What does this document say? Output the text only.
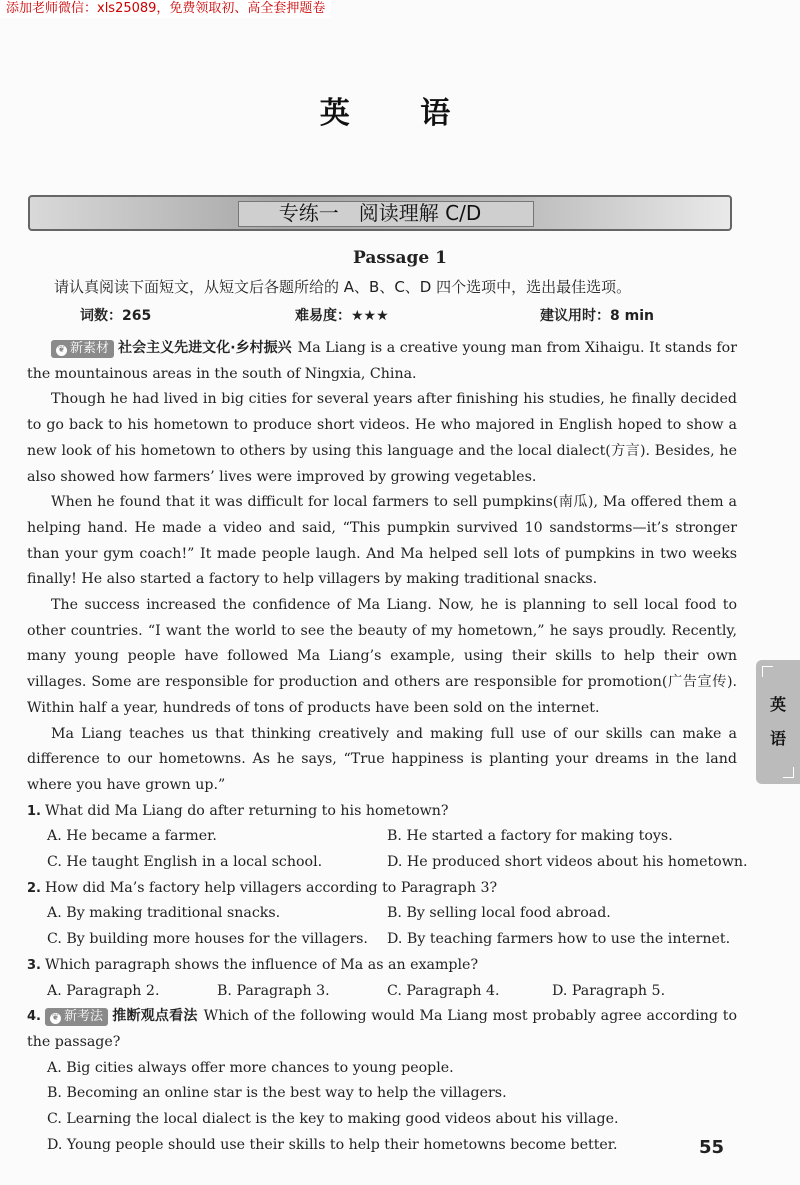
添加老师微信：xls25089，免费领取初、高全套押题卷
英 语
专练一　阅读理解 C/D
Passage 1
请认真阅读下面短文，从短文后各题所给的 A、B、C、D 四个选项中，选出最佳选项。
词数：265	难易度：★★★	建议用时：8 min

❦ 新素材 社会主义先进文化·乡村振兴 Ma Liang is a creative young man from Xihaigu. It stands for the mountainous areas in the south of Ningxia, China.

Though he had lived in big cities for several years after finishing his studies, he finally decided to go back to his hometown to produce short videos. He who majored in English hoped to show a new look of his hometown to others by using this language and the local dialect(方言). Besides, he also showed how farmers’ lives were improved by growing vegetables.

When he found that it was difficult for local farmers to sell pumpkins(南瓜), Ma offered them a helping hand. He made a video and said, “This pumpkin survived 10 sandstorms—it’s stronger than your gym coach!” It made people laugh. And Ma helped sell lots of pumpkins in two weeks finally! He also started a factory to help villagers by making traditional snacks.

The success increased the confidence of Ma Liang. Now, he is planning to sell local food to other countries. “I want the world to see the beauty of my hometown,” he says proudly. Recently, many young people have followed Ma Liang’s example, using their skills to help their own villages. Some are responsible for production and others are responsible for promotion(广告宣传). Within half a year, hundreds of tons of products have been sold on the internet.

Ma Liang teaches us that thinking creatively and making full use of our skills can make a difference to our hometowns. As he says, “True happiness is planting your dreams in the land where you have grown up.”

1. What did Ma Liang do after returning to his hometown?
A. He became a farmer.	B. He started a factory for making toys.
C. He taught English in a local school.	D. He produced short videos about his hometown.
2. How did Ma’s factory help villagers according to Paragraph 3?
A. By making traditional snacks.	B. By selling local food abroad.
C. By building more houses for the villagers. D. By teaching farmers how to use the internet.
3. Which paragraph shows the influence of Ma as an example?
A. Paragraph 2.	B. Paragraph 3.	C. Paragraph 4.	D. Paragraph 5.
4. ❦ 新考法 推断观点看法 Which of the following would Ma Liang most probably agree according to the passage?
A. Big cities always offer more chances to young people.
B. Becoming an online star is the best way to help the villagers.
C. Learning the local dialect is the key to making good videos about his village.
D. Young people should use their skills to help their hometowns become better.
英
语
55
